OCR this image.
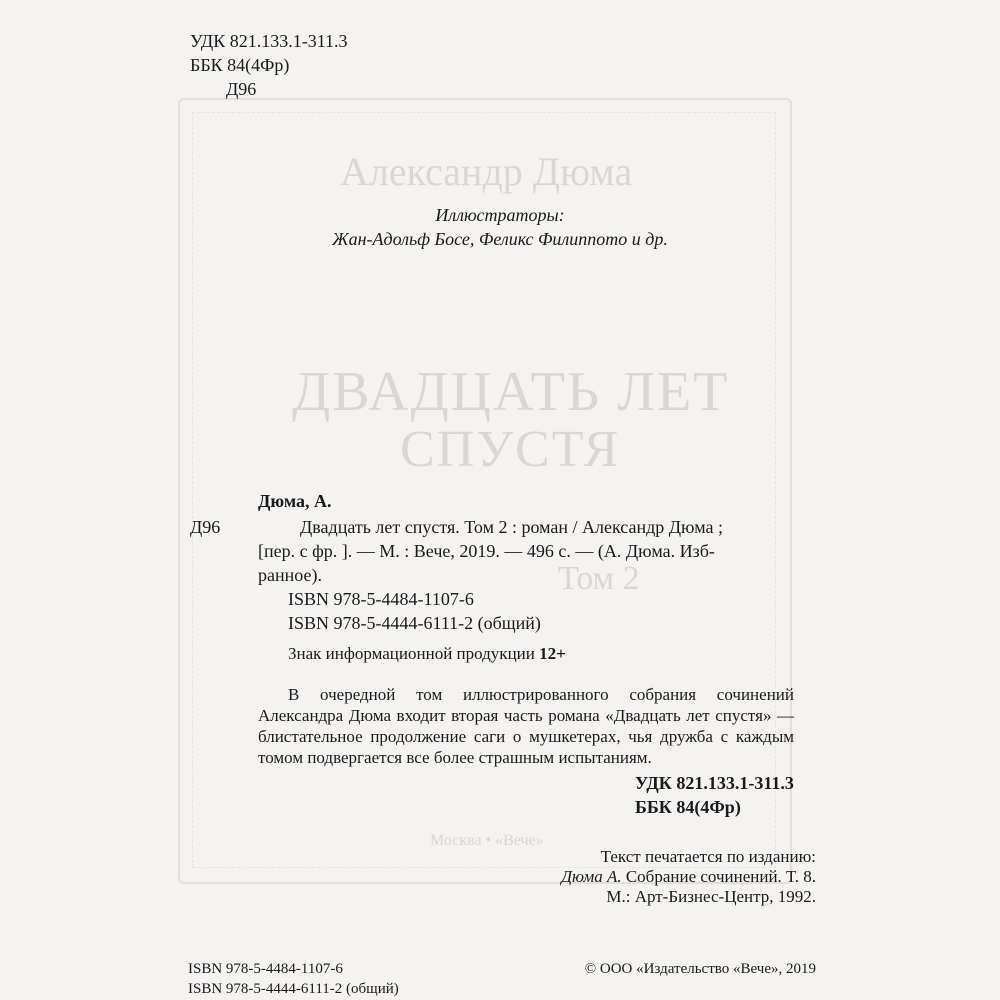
Александр Дюма
ДВАДЦАТЬ ЛЕТ
СПУСТЯ
Том 2
Москва • «Вече»
УДК 821.133.1-311.3
ББК 84(4Фр)
Д96
Иллюстраторы:
Жан-Адольф Босе, Феликс Филиппото и др.
Дюма, А.
Д96	Двадцать лет спустя. Том 2 : роман / Александр Дюма ;
[пер. с фр. ]. — М. : Вече, 2019. — 496 с. — (А. Дюма. Изб-
ранное).
ISBN 978-5-4484-1107-6
ISBN 978-5-4444-6111-2 (общий)
Знак информационной продукции 12+
В очередной том иллюстрированного собрания сочинений Александра Дюма входит вторая часть романа «Двадцать лет спустя» — блистательное продолжение саги о мушкетерах, чья дружба с каждым томом подвергается все более страшным испытаниям.
УДК 821.133.1-311.3
ББК 84(4Фр)
Текст печатается по изданию:
Дюма А. Собрание сочинений. Т. 8.
М.: Арт-Бизнес-Центр, 1992.
ISBN 978-5-4484-1107-6
ISBN 978-5-4444-6111-2 (общий)
© ООО «Издательство «Вече», 2019
